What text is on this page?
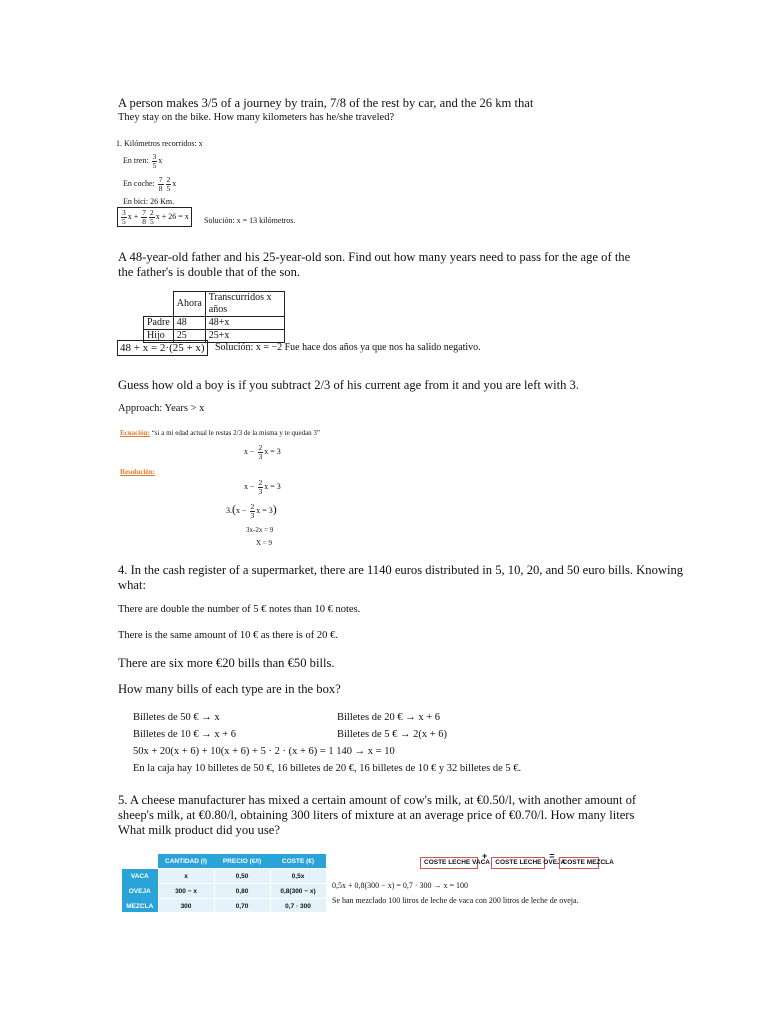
A person makes 3/5 of a journey by train, 7/8 of the rest by car, and the 26 km that
They stay on the bike. How many kilometers has he/she traveled?
1. Kilómetros recorridos: x
En tren: $\frac{3}{5}$ x
En coche: $\frac{7}{8} \frac{2}{5}$ x
En bici: 26 Km.
$\frac{3}{5}$ $x + \frac{7}{8} \frac{2}{5}$ x + 26 = x	Solución: x = 13 kilómetros.
A 48-year-old father and his 25-year-old son. Find out how many years need to pass for the age of the
the father's is double that of the son.
	Ahora	Transcurridos x años
Padre	48	48+x
Hijo	25	25+x
48 + x = 2·(25 + x)	Solución: x = −2 Fue hace dos años ya que nos ha salido negativo.
Guess how old a boy is if you subtract 2/3 of his current age from it and you are left with 3.
Approach: Years > x
Ecuación: “si a mi edad actual le restas 2/3 de la misma y te quedan 3”
$x - \frac{2}{3}$ x = 3
Resolución:
$x - \frac{2}{3}$ x = 3
$3.(x - \frac{2}{3}$ x = 3)
3x-2x = 9
X = 9
4. In the cash register of a supermarket, there are 1140 euros distributed in 5, 10, 20, and 50 euro bills. Knowing
what:
There are double the number of 5 € notes than 10 € notes.
There is the same amount of 10 € as there is of 20 €.
There are six more €20 bills than €50 bills.
How many bills of each type are in the box?
Billetes de 50 € → x	Billetes de 20 € → x + 6
Billetes de 10 € → x + 6	Billetes de 5 € → 2(x + 6)
50x + 20(x + 6) + 10(x + 6) + 5 · 2 · (x + 6) = 1 140 → x = 10
En la caja hay 10 billetes de 50 €, 16 billetes de 20 €, 16 billetes de 10 € y 32 billetes de 5 €.
5. A cheese manufacturer has mixed a certain amount of cow's milk, at €0.50/l, with another amount of
sheep's milk, at €0.80/l, obtaining 300 liters of mixture at an average price of €0.70/l. How many liters
What milk product did you use?
	CANTIDAD (l)	PRECIO (€/l)	COSTE (€)
VACA	x	0,50	0,5x
OVEJA	300 − x	0,80	0,8(300 − x)
MEZCLA	300	0,70	0,7 · 300
COSTE LECHE VACA + COSTE LECHE OVEJA = COSTE MEZCLA
0,5x + 0,8(300 − x) = 0,7 · 300 → x = 100
Se han mezclado 100 litros de leche de vaca con 200 litros de leche de oveja.
